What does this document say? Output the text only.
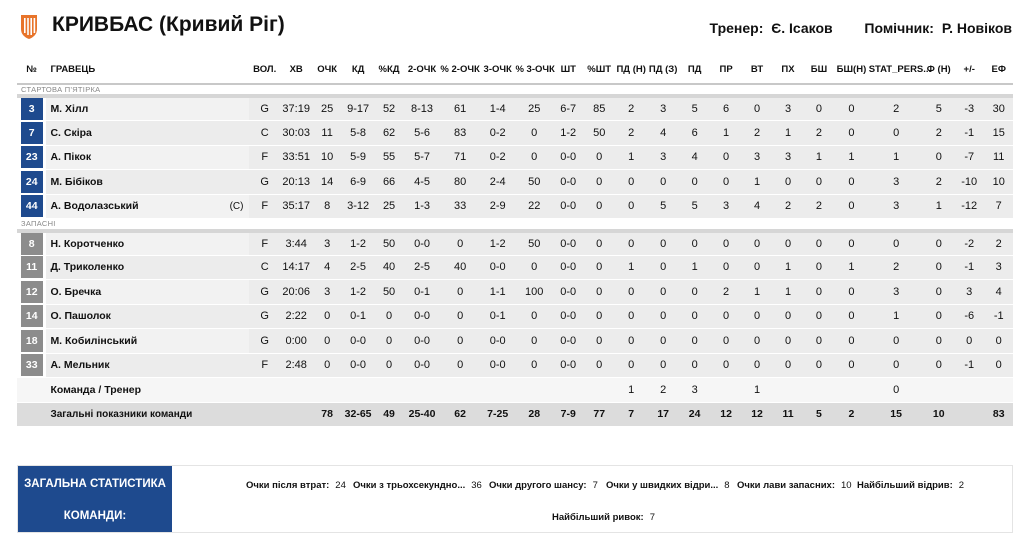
КРИВБАС (Кривий Ріг)	Тренер: Є. Ісаков Помічник: Р. Новіков
№	ГРАВЕЦЬ	ВОЛ.	ХВ	ОЧК	КД	%КД	2-ОЧК	% 2-ОЧК	3-ОЧК	% 3-ОЧК	ШТ	%ШТ	ПД (Н)	ПД (З)	ПД	ПР	ВТ	ПХ	БШ	БШ(Н)	STAT_PERS...	Ф (Н)	+/-	ЕФ
СТАРТОВА П'ЯТІРКА																								
3	М. Хілл	G	37:19	25	9-17	52	8-13	61	1-4	25	6-7	85	2	3	5	6	0	3	0	0	2	5	-3	30
7	С. Скіра	C	30:03	11	5-8	62	5-6	83	0-2	0	1-2	50	2	4	6	1	2	1	2	0	0	2	-1	15
23	А. Пікок	F	33:51	10	5-9	55	5-7	71	0-2	0	0-0	0	1	3	4	0	3	3	1	1	1	0	-7	11
24	М. Бібіков	G	20:13	14	6-9	66	4-5	80	2-4	50	0-0	0	0	0	0	0	1	0	0	0	3	2	-10	10
44	А. Водолазський (C)	F	35:17	8	3-12	25	1-3	33	2-9	22	0-0	0	0	5	5	3	4	2	2	0	3	1	-12	7
ЗАПАСНІ																								
8	Н. Коротченко	F	3:44	3	1-2	50	0-0	0	1-2	50	0-0	0	0	0	0	0	0	0	0	0	0	0	-2	2
11	Д. Триколенко	C	14:17	4	2-5	40	2-5	40	0-0	0	0-0	0	1	0	1	0	0	1	0	1	2	0	-1	3
12	О. Бречка	G	20:06	3	1-2	50	0-1	0	1-1	100	0-0	0	0	0	0	2	1	1	0	0	3	0	3	4
14	О. Пашолок	G	2:22	0	0-1	0	0-0	0	0-1	0	0-0	0	0	0	0	0	0	0	0	0	1	0	-6	-1
18	М. Кобилінський	G	0:00	0	0-0	0	0-0	0	0-0	0	0-0	0	0	0	0	0	0	0	0	0	0	0	0	0
33	А. Мельник	F	2:48	0	0-0	0	0-0	0	0-0	0	0-0	0	0	0	0	0	0	0	0	0	0	0	-1	0
	Команда / Тренер												1	2	3		1				0			
	Загальні показники команди			78	32-65	49	25-40	62	7-25	28	7-9	77	7	17	24	12	12	11	5	2	15	10		83
ЗАГАЛЬНА СТАТИСТИКА
КОМАНДИ:
Очки після втрат: 24 Очки з трьохсекундно... 36 Очки другого шансу: 7 Очки у швидких відри... 8 Очки лави запасних: 10 Найбільший відрив: 2
Найбільший ривок: 7
